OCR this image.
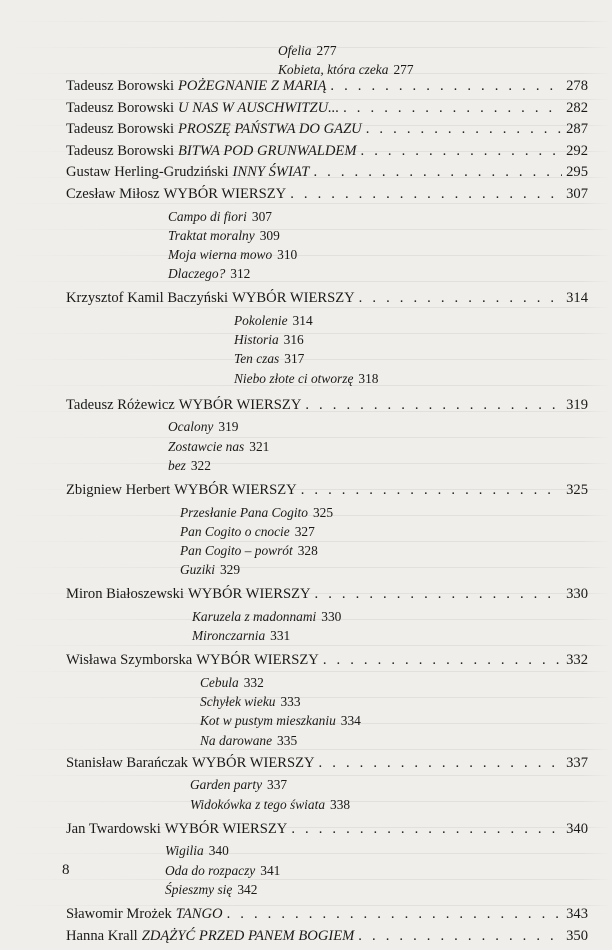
Ofelia 277
Kobieta, która czeka 277
Tadeusz Borowski POŻEGNANIE Z MARIĄ . . .	278
Tadeusz Borowski U NAS W AUSCHWITZU... . . .	282
Tadeusz Borowski PROSZĘ PAŃSTWA DO GAZU . . .	287
Tadeusz Borowski BITWA POD GRUNWALDEM . . .	292
Gustaw Herling-Grudziński INNY ŚWIAT . . .	295
Czesław Miłosz WYBÓR WIERSZY . . .	307
Campo di fiori 307
Traktat moralny 309
Moja wierna mowo 310
Dlaczego? 312
Krzysztof Kamil Baczyński WYBÓR WIERSZY . . .	314
Pokolenie 314
Historia 316
Ten czas 317
Niebo złote ci otworzę 318
Tadeusz Różewicz WYBÓR WIERSZY . . .	319
Ocalony 319
Zostawcie nas 321
bez 322
Zbigniew Herbert WYBÓR WIERSZY . . .	325
Przesłanie Pana Cogito 325
Pan Cogito o cnocie 327
Pan Cogito – powrót 328
Guziki 329
Miron Białoszewski WYBÓR WIERSZY . . .	330
Karuzela z madonnami 330
Mironczarnia 331
Wisława Szymborska WYBÓR WIERSZY . . .	332
Cebula 332
Schyłek wieku 333
Kot w pustym mieszkaniu 334
Na darowane 335
Stanisław Barańczak WYBÓR WIERSZY . . .	337
Garden party 337
Widokówka z tego świata 338
Jan Twardowski WYBÓR WIERSZY . . .	340
Wigilia 340
Oda do rozpaczy 341
Śpieszmy się 342
Sławomir Mrożek TANGO . . .	343
Hanna Krall ZDĄŻYĆ PRZED PANEM BOGIEM . . .	350
8
